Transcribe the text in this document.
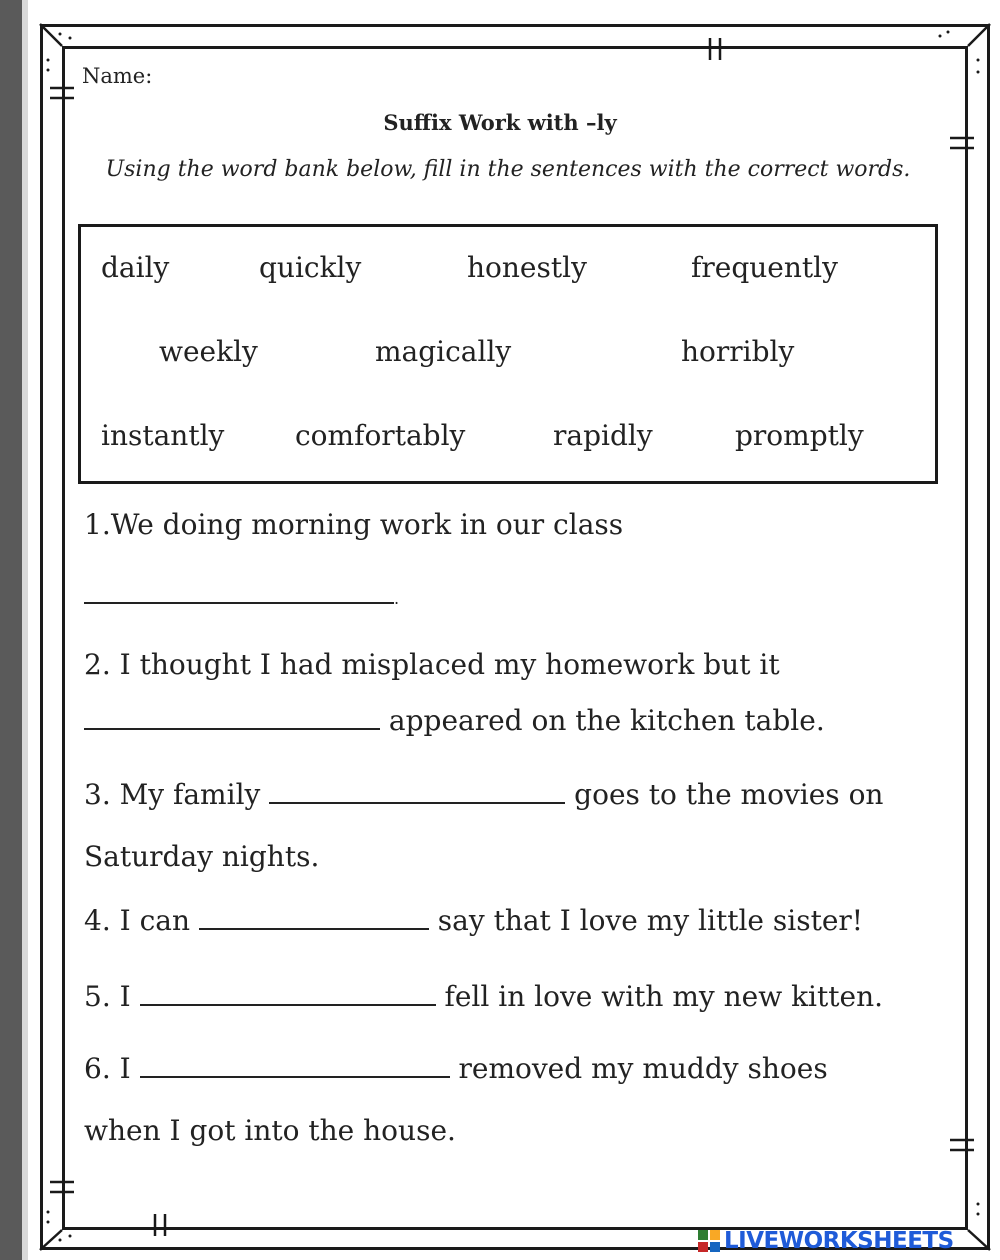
Name:
Suffix Work with –ly
Using the word bank below, fill in the sentences with the correct words.
daily	quickly	honestly	frequently
weekly	magically	horribly
instantly	comfortably	rapidly	promptly
1.We doing morning work in our class
.
2. I thought I had misplaced my homework but it
appeared on the kitchen table.
3. My family	goes to the movies on
Saturday nights.
4. I can	say that I love my little sister!
5. I	fell in love with my new kitten.
6. I	removed my muddy shoes
when I got into the house.
LIVEWORKSHEETS
